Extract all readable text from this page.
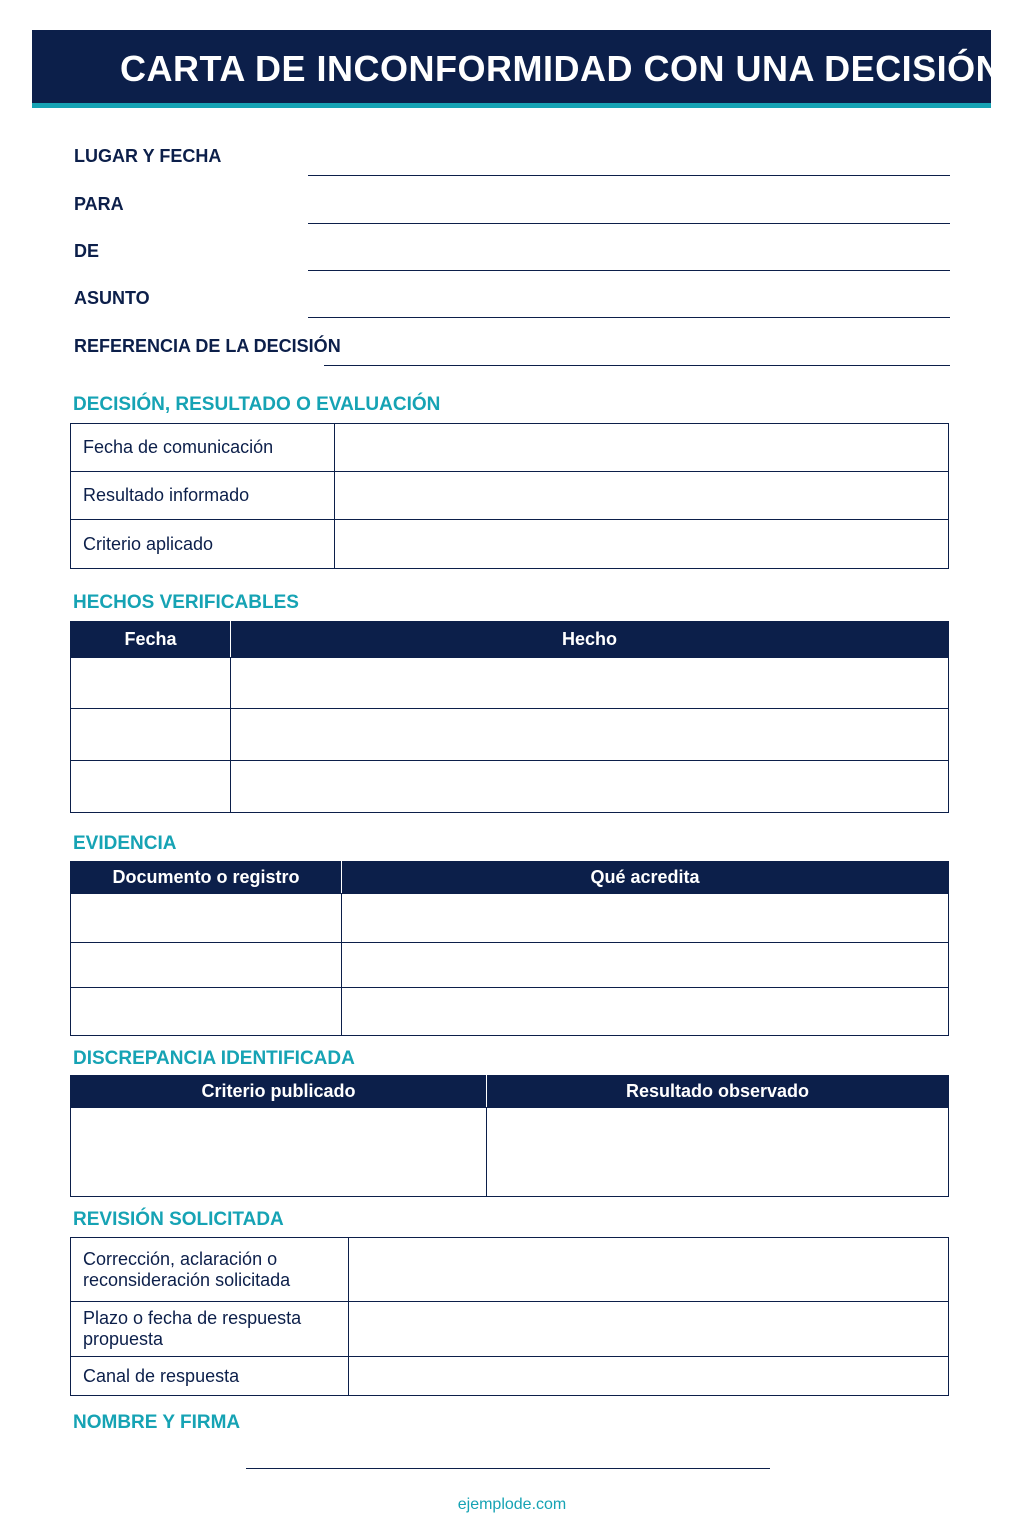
CARTA DE INCONFORMIDAD CON UNA DECISIÓN
LUGAR Y FECHA
PARA
DE
ASUNTO
REFERENCIA DE LA DECISIÓN
DECISIÓN, RESULTADO O EVALUACIÓN
Fecha de comunicación	
Resultado informado	
Criterio aplicado	
HECHOS VERIFICABLES
Fecha	Hecho

EVIDENCIA
Documento o registro	Qué acredita

DISCREPANCIA IDENTIFICADA
Criterio publicado	Resultado observado

REVISIÓN SOLICITADA
Corrección, aclaración o reconsideración solicitada	
Plazo o fecha de respuesta propuesta	
Canal de respuesta	
NOMBRE Y FIRMA
ejemplode.com
